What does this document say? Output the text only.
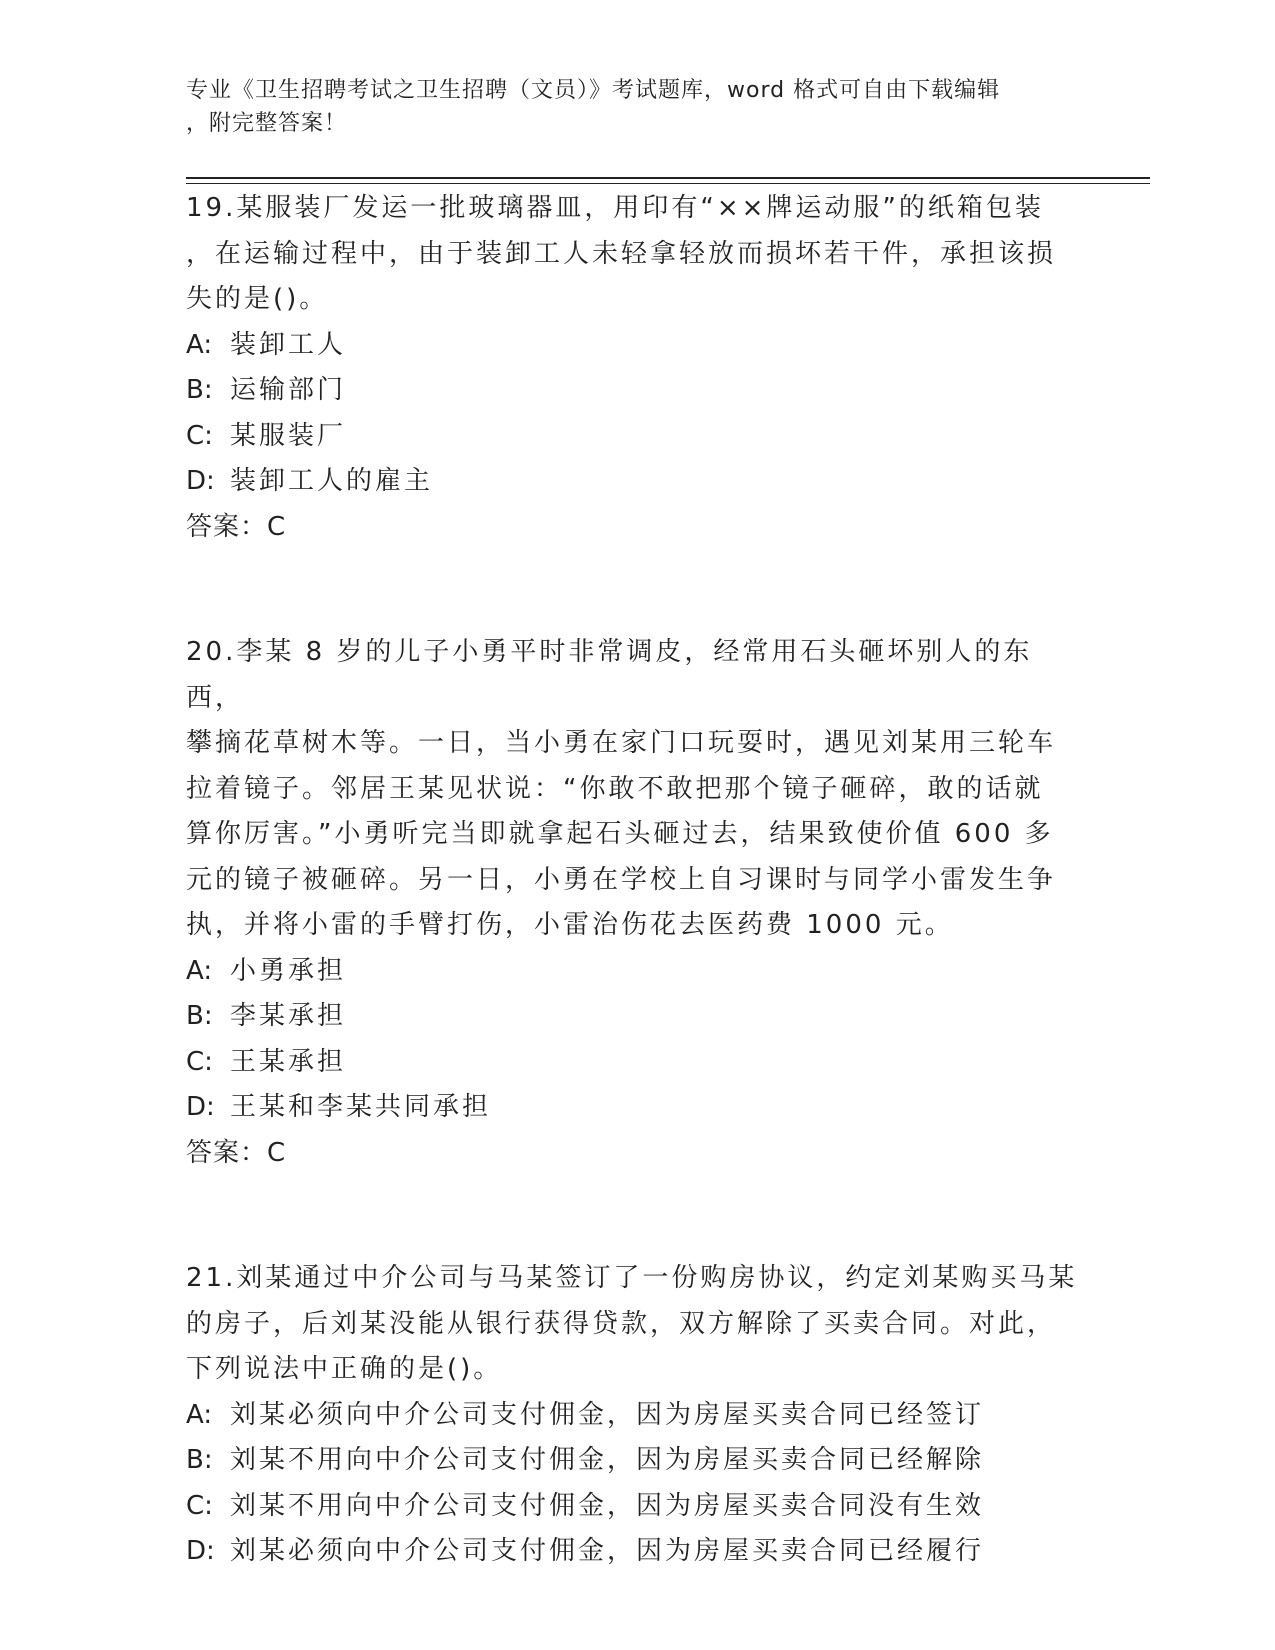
专业《卫生招聘考试之卫生招聘（文员）》考试题库，word 格式可自由下载编辑
，附完整答案！

19.某服装厂发运一批玻璃器皿，用印有“××牌运动服”的纸箱包装

，在运输过程中，由于装卸工人未轻拿轻放而损坏若干件，承担该损

失的是()。

A: 装卸工人

B: 运输部门

C: 某服装厂

D: 装卸工人的雇主

答案：C

20.李某 8 岁的儿子小勇平时非常调皮，经常用石头砸坏别人的东西，

攀摘花草树木等。一日，当小勇在家门口玩耍时，遇见刘某用三轮车

拉着镜子。邻居王某见状说：“你敢不敢把那个镜子砸碎，敢的话就

算你厉害。”小勇听完当即就拿起石头砸过去，结果致使价值 600 多

元的镜子被砸碎。另一日，小勇在学校上自习课时与同学小雷发生争

执，并将小雷的手臂打伤，小雷治伤花去医药费 1000 元。

A: 小勇承担

B: 李某承担

C: 王某承担

D: 王某和李某共同承担

答案：C

21.刘某通过中介公司与马某签订了一份购房协议，约定刘某购买马某

的房子，后刘某没能从银行获得贷款，双方解除了买卖合同。对此，

下列说法中正确的是()。

A: 刘某必须向中介公司支付佣金，因为房屋买卖合同已经签订

B: 刘某不用向中介公司支付佣金，因为房屋买卖合同已经解除

C: 刘某不用向中介公司支付佣金，因为房屋买卖合同没有生效

D: 刘某必须向中介公司支付佣金，因为房屋买卖合同已经履行
